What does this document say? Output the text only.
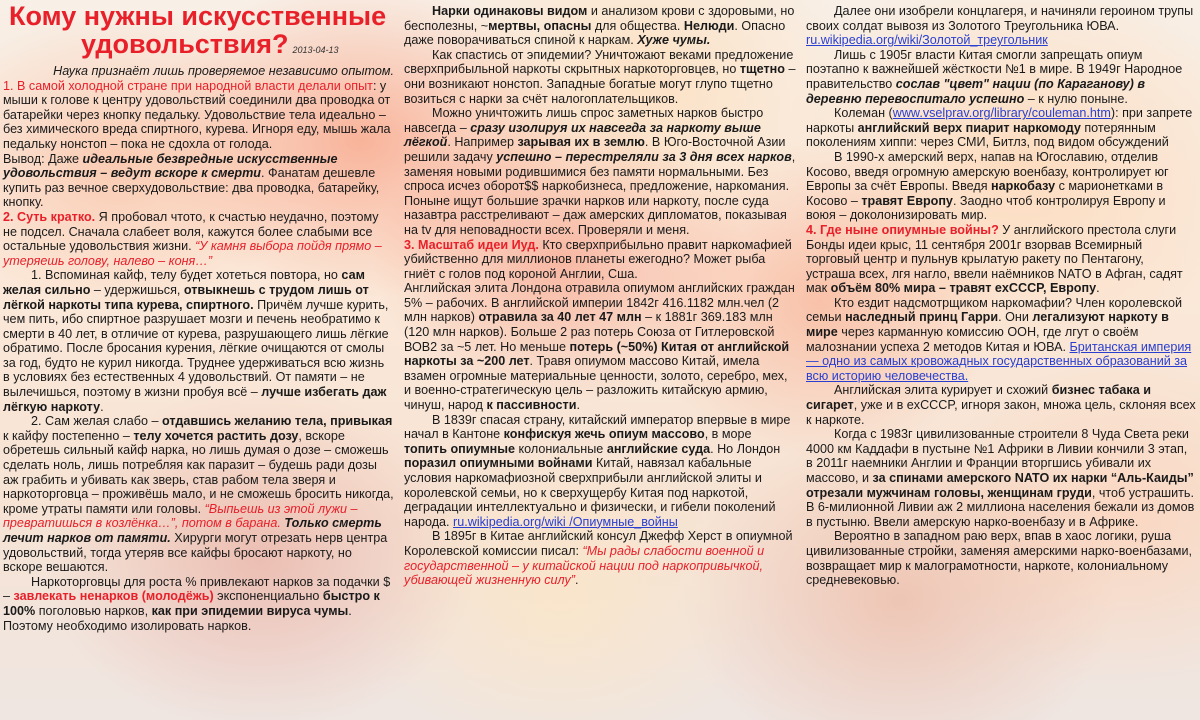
Кому нужны искусственные
удовольствия? 2013-04-13

Наука признаёт лишь проверяемое независимо опытом.

1. В самой холодной стране при народной власти делали опыт: у мыши к голове к центру удовольствий соединили два проводка от батарейки через кнопку педальку. Удовольствие тела идеально – без химического вреда спиртного, курева. Игноря еду, мышь жала педальку нонстоп – пока не сдохла от голода.

Вывод: Даже идеальные безвредные искусственные удовольствия – ведут вскоре к смерти. Фанатам дешевле купить раз вечное сверхудовольствие: два проводка, батарейку, кнопку.

2. Суть кратко. Я пробовал чтото, к счастью неудачно, поэтому не подсел. Сначала слабеет воля, кажутся более слабыми все остальные удовольствия жизни. “У камня выбора пойдя прямо – утеряешь голову, налево – коня…”

1. Вспоминая кайф, телу будет хотеться повтора, но сам желая сильно – удержишься, отвыкнешь с трудом лишь от лёгкой наркоты типа курева, спиртного. Причём лучше курить, чем пить, ибо спиртное разрушает мозги и печень необратимо к смерти в 40 лет, в отличие от курева, разрушающего лишь лёгкие обратимо. После бросания курения, лёгкие очищаются от смолы за год, будто не курил никогда. Труднее удерживаться всю жизнь в условиях без естественных 4 удовольствий. От памяти – не вылечишься, поэтому в жизни пробуя всё – лучше избегать даж лёгкую наркоту.

2. Сам желая слабо – отдавшись желанию тела, привыкая к кайфу постепенно – телу хочется растить дозу, вскоре обретешь сильный кайф нарка, но лишь думая о дозе – сможешь сделать ноль, лишь потребляя как паразит – будешь ради дозы аж грабить и убивать как зверь, став рабом тела зверя и наркоторговца – проживёшь мало, и не сможешь бросить никогда, кроме утраты памяти или головы. “Выпьешь из этой лужи – превратишься в козлёнка…”, потом в барана. Только смерть лечит нарков от памяти. Хирурги могут отрезать нерв центра удовольствий, тогда утеряв все кайфы бросают наркоту, но вскоре вешаются.

Наркоторговцы для роста % привлекают нарков за подачки $ – завлекать ненарков (молодёжь) экспоненциально быстро к 100% поголовью нарков, как при эпидемии вируса чумы. Поэтому необходимо изолировать нарков.

Нарки одинаковы видом и анализом крови с здоровыми, но бесполезны, ~мертвы, опасны для общества. Нелюди. Опасно даже поворачиваться спиной к наркам. Хуже чумы.

Как спастись от эпидемии? Уничтожают веками предложение сверхприбыльной наркоты скрытных наркоторговцев, но тщетно – они возникают нонстоп. Западные богатые могут глупо тщетно возиться с нарки за счёт налогоплательщиков.

Можно уничтожить лишь спрос заметных нарков быстро навсегда – сразу изолируя их навсегда за наркоту выше лёгкой. Например зарывая их в землю. В Юго-Восточной Азии решили задачу успешно – перестреляли за 3 дня всех нарков, заменяя новыми родившимися без памяти нормальными. Без спроса исчез оборот$$ наркобизнеса, предложение, наркомания. Поныне ищут большие зрачки нарков или наркоту, после суда назавтра расстреливают – даж амерских дипломатов, показывая на tv для неповадности всех. Проверяли и меня.

3. Масштаб идеи Иуд. Кто сверхприбыльно правит наркомафией убийственно для миллионов планеты ежегодно? Может рыба гниёт с голов под короной Англии, Сша.

Английская элита Лондона отравила опиумом английских граждан 5% – рабочих. В английской империи 1842г 416.1182 млн.чел (2 млн нарков) отравила за 40 лет 47 млн – к 1881г 369.183 млн (120 млн нарков). Больше 2 раз потерь Союза от Гитлеровской ВОВ2 за ~5 лет. Но меньше потерь (~50%) Китая от английской наркоты за ~200 лет. Травя опиумом массово Китай, имела взамен огромные материальные ценности, золото, серебро, мех, и военно-стратегическую цель – разложить китайскую армию, чинуш, народ к пассивности.

В 1839г спасая страну, китайский император впервые в мире начал в Кантоне конфискуя жечь опиум массово, в море топить опиумные колониальные английские суда. Но Лондон поразил опиумными войнами Китай, навязал кабальные условия наркомафиозной сверхприбыли английской элиты и королевской семьи, но к сверхущербу Китая под наркотой, деградации интеллектуально и физически, и гибели поколений народа. ru.wikipedia.org/wiki /Опиумные_войны

В 1895г в Китае английский консул Джефф Херст в опиумной Королевской комиссии писал: “Мы рады слабости военной и государственной – у китайской нации под наркопривычкой, убивающей жизненную силу”.

Далее они изобрели концлагеря, и начиняли героином трупы своих солдат вывозя из Золотого Треугольника ЮВА. ru.wikipedia.org/wiki/Золотой_треугольник

Лишь с 1905г власти Китая смогли запрещать опиум поэтапно к важнейшей жёсткости №1 в мире. В 1949г Народное правительство сослав "цвет" нации (по Караганову) в деревню перевоспитало успешно – к нулю поныне.

Колеман (www.vselprav.org/library/couleman.htm): при запрете наркоты английский верх пиарит наркомоду потерянным поколениям хиппи: через СМИ, Битлз, под видом обсуждений

В 1990-х амерский верх, напав на Югославию, отделив Косово, введя огромную амерскую военбазу, контролирует юг Европы за счёт Европы. Введя наркобазу с марионетками в Косово – травят Европу. Заодно чтоб контролируя Европу и воюя – доколонизировать мир.

4. Где ныне опиумные войны? У английского престола слуги Бонды идеи крыс, 11 сентября 2001г взорвав Всемирный торговый центр и пульнув крылатую ракету по Пентагону, устраша всех, лгя нагло, ввели наёмников NATO в Афган, садят мак объём 80% мира – травят exCCCP, Европу.

Кто ездит надсмотрщиком наркомафии? Член королевской семьи наследный принц Гарри. Они легализуют наркоту в мире через карманную комиссию ООН, где лгут о своём малознании успеха 2 методов Китая и ЮВА. Британская империя — одно из самых кровожадных государственных образований за всю историю человечества.

Английская элита курирует и схожий бизнес табака и сигарет, уже и в exCCCP, игноря закон, множа цель, склоняя всех к наркоте.

Когда с 1983г цивилизованные строители 8 Чуда Света реки 4000 км Каддафи в пустыне №1 Африки в Ливии кончили 3 этап, в 2011г наемники Англии и Франции вторгшись убивали их массово, и за спинами амерского NATO их нарки “Аль-Каиды” отрезали мужчинам головы, женщинам груди, чтоб устрашить. В 6-милионной Ливии аж 2 миллиона населения бежали из домов в пустыню. Ввели амерскую нарко-военбазу и в Африке.

Вероятно в западном раю верх, впав в хаос логики, руша цивилизованные стройки, заменяя амерскими нарко-военбазами, возвращает мир к малогрaмотности, наркоте, колониальному средневековью.
